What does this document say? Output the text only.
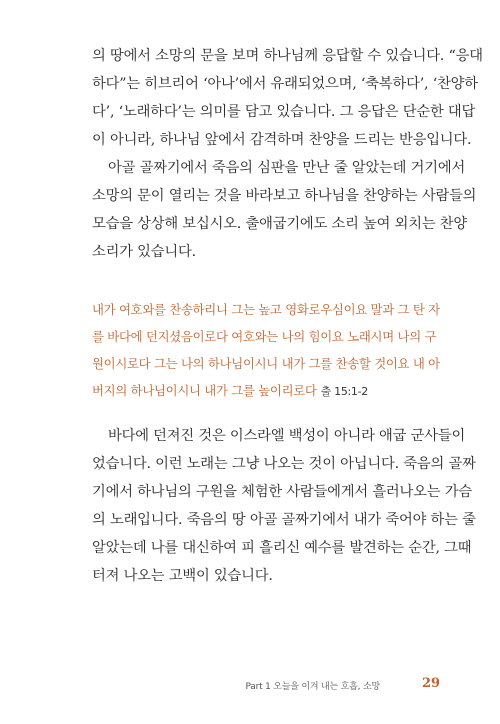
의 땅에서 소망의 문을 보며 하나님께 응답할 수 있습니다. “응대
하다”는 히브리어 ‘아나’에서 유래되었으며, ‘축복하다’, ‘찬양하
다’, ‘노래하다’는 의미를 담고 있습니다. 그 응답은 단순한 대답
이 아니라, 하나님 앞에서 감격하며 찬양을 드리는 반응입니다.
아골 골짜기에서 죽음의 심판을 만난 줄 알았는데 거기에서
소망의 문이 열리는 것을 바라보고 하나님을 찬양하는 사람들의
모습을 상상해 보십시오. 출애굽기에도 소리 높여 외치는 찬양
소리가 있습니다.
내가 여호와를 찬송하리니 그는 높고 영화로우심이요 말과 그 탄 자
를 바다에 던지셨음이로다 여호와는 나의 힘이요 노래시며 나의 구
원이시로다 그는 나의 하나님이시니 내가 그를 찬송할 것이요 내 아
버지의 하나님이시니 내가 그를 높이리로다 출 15:1-2
바다에 던져진 것은 이스라엘 백성이 아니라 애굽 군사들이
었습니다. 이런 노래는 그냥 나오는 것이 아닙니다. 죽음의 골짜
기에서 하나님의 구원을 체험한 사람들에게서 흘러나오는 가슴
의 노래입니다. 죽음의 땅 아골 골짜기에서 내가 죽어야 하는 줄
알았는데 나를 대신하여 피 흘리신 예수를 발견하는 순간, 그때
터져 나오는 고백이 있습니다.
Part 1 오늘을 이겨 내는 호흡, 소망	29
